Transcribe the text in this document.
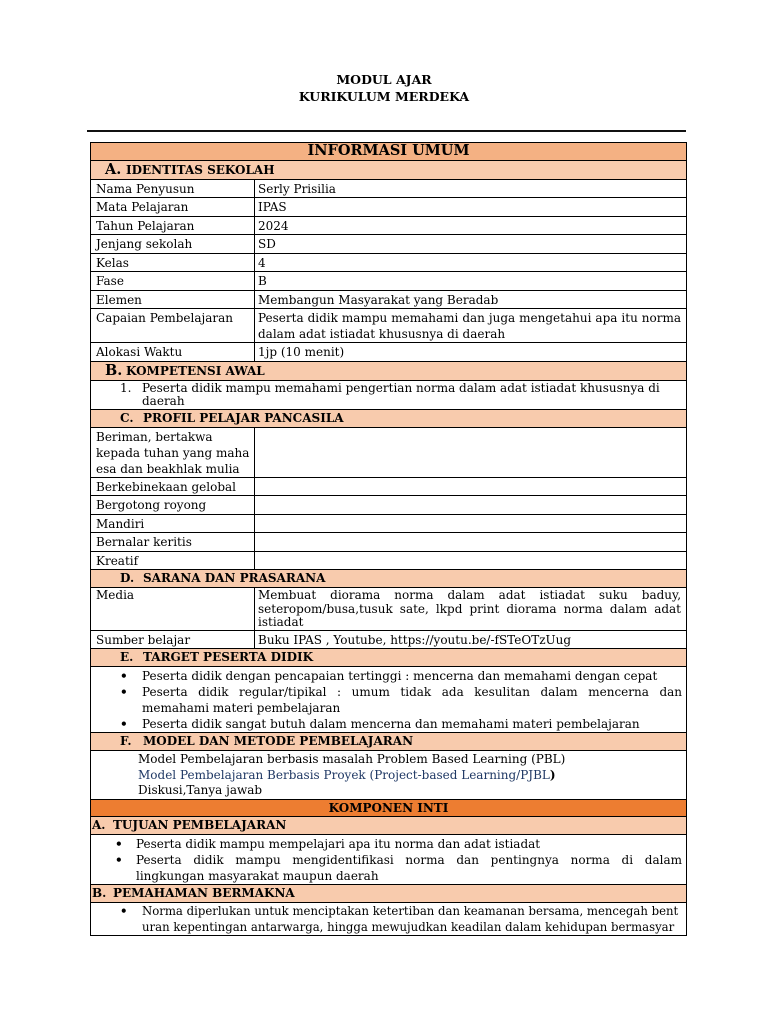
MODUL AJAR
KURIKULUM MERDEKA
INFORMASI UMUM	
A. IDENTITAS SEKOLAH	
Nama Penyusun	Serly Prisilia
Mata Pelajaran	IPAS
Tahun Pelajaran	2024
Jenjang sekolah	SD
Kelas	4
Fase	B
Elemen	Membangun Masyarakat yang Beradab
Capaian Pembelajaran	Peserta didik mampu memahami dan juga mengetahui apa itu norma dalam adat istiadat khususnya di daerah
Alokasi Waktu	1jp (10 menit)
B. KOMPETENSI AWAL	

1. Peserta didik mampu memahami pengertian norma dalam adat istiadat khususnya di daerah	

C. PROFIL PELAJAR PANCASILA	
Beriman, bertakwa kepada tuhan yang maha esa dan beakhlak mulia	
Berkebinekaan gelobal	
Bergotong royong	
Mandiri	
Bernalar keritis	
Kreatif	
D. SARANA DAN PRASARANA	
Media	Membuat diorama norma dalam adat istiadat suku baduy, seteropom/busa,tusuk sate, lkpd print diorama norma dalam adat istiadat
Sumber belajar	Buku IPAS , Youtube, https://youtu.be/-fSTeOTzUug
E. TARGET PESERTA DIDIK	

•
Peserta didik dengan pencapaian tertinggi : mencerna dan memahami dengan cepat
•
Peserta didik regular/tipikal : umum tidak ada kesulitan dalam mencerna dan memahami materi pembelajaran
•
Peserta didik sangat butuh dalam mencerna dan memahami materi pembelajaran

F. MODEL DAN METODE PEMBELAJARAN	

Model Pembelajaran berbasis masalah Problem Based Learning (PBL)
Model Pembelajaran Berbasis Proyek (Project-based Learning/PJBL)
Diskusi,Tanya jawab	

KOMPONEN INTI	
A. TUJUAN PEMBELAJARAN	

•
Peserta didik mampu mempelajari apa itu norma dan adat istiadat
•
Peserta didik mampu mengidentifikasi norma dan pentingnya norma di dalam lingkungan masyarakat maupun daerah

B. PEMAHAMAN BERMAKNA	

•
Norma diperlukan untuk menciptakan ketertiban dan keamanan bersama, mencegah bent
uran kepentingan antarwarga, hingga mewujudkan keadilan dalam kehidupan bermasyar
